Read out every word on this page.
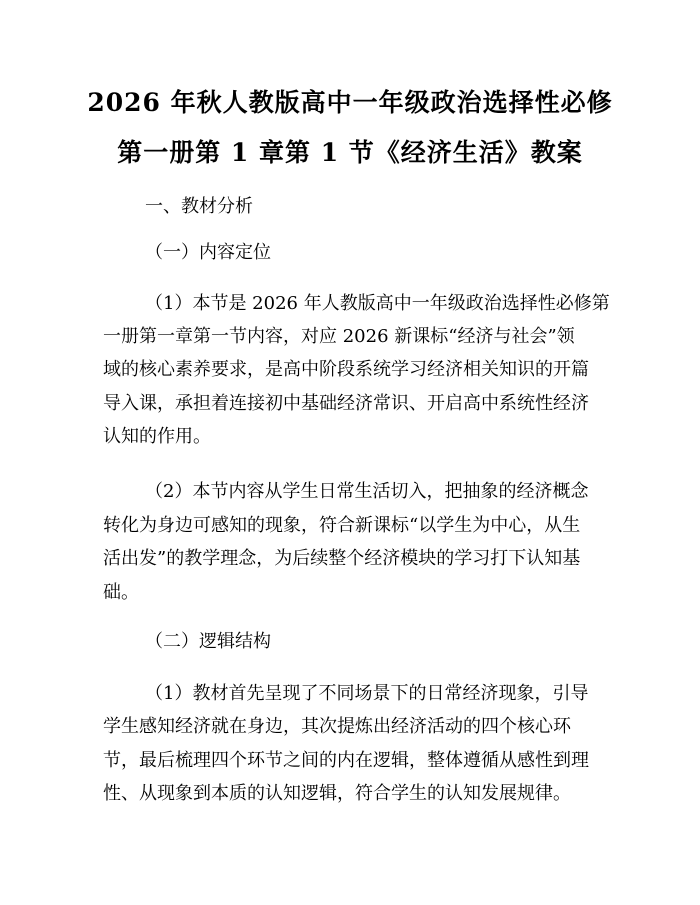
2026 年秋人教版高中一年级政治选择性必修
第一册第 1 章第 1 节《经济生活》教案
一、教材分析
（一）内容定位
（1）本节是 2026 年人教版高中一年级政治选择性必修第
一册第一章第一节内容，对应 2026 新课标“经济与社会”领
域的核心素养要求，是高中阶段系统学习经济相关知识的开篇
导入课，承担着连接初中基础经济常识、开启高中系统性经济
认知的作用。
（2）本节内容从学生日常生活切入，把抽象的经济概念
转化为身边可感知的现象，符合新课标“以学生为中心，从生
活出发”的教学理念，为后续整个经济模块的学习打下认知基
础。
（二）逻辑结构
（1）教材首先呈现了不同场景下的日常经济现象，引导
学生感知经济就在身边，其次提炼出经济活动的四个核心环
节，最后梳理四个环节之间的内在逻辑，整体遵循从感性到理
性、从现象到本质的认知逻辑，符合学生的认知发展规律。
